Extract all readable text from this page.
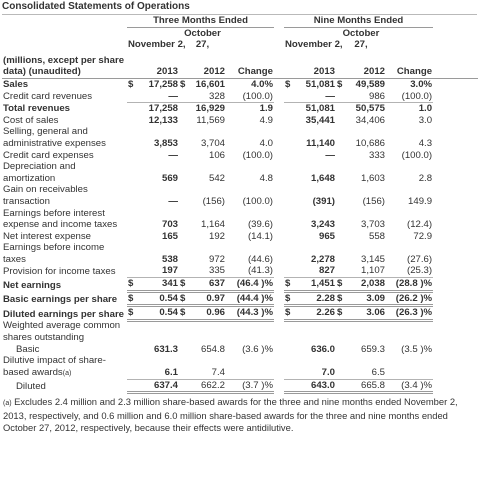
Consolidated Statements of Operations
	Three Months Ended						Nine Months Ended					
			October						October			
	November 2,		27,				November 2,		27,			
(millions, except per share data) (unaudited)	2013		2012		Change		2013		2012		Change	
Sales	$	17,258	$	16,601	4.0%		$	51,081	$	49,589	3.0%	
Credit card revenues		—		328	(100.0)			—		986	(100.0)	
Total revenues		17,258		16,929	1.9			51,081		50,575	1.0	
Cost of sales		12,133		11,569	4.9			35,441		34,406	3.0	
Selling, general and administrative expenses		3,853		3,704	4.0			11,140		10,686	4.3	
Credit card expenses		—		106	(100.0)			—		333	(100.0)	
Depreciation and amortization		569		542	4.8			1,648		1,603	2.8	
Gain on receivables transaction		—		(156)	(100.0)			(391)		(156)	149.9	
Earnings before interest expense and income taxes		703		1,164	(39.6)			3,243		3,703	(12.4)	
Net interest expense		165		192	(14.1)			965		558	72.9	
Earnings before income taxes		538		972	(44.6)			2,278		3,145	(27.6)	
Provision for income taxes		197		335	(41.3)			827		1,107	(25.3)	
Net earnings	$	341	$	637	(46.4 )%		$	1,451	$	2,038	(28.8 )%	
Basic earnings per share	$	0.54	$	0.97	(44.4 )%		$	2.28	$	3.09	(26.2 )%	
Diluted earnings per share	$	0.54	$	0.96	(44.3 )%		$	2.26	$	3.06	(26.3 )%	
Weighted average common shares outstanding												
Basic		631.3		654.8	(3.6 )%			636.0		659.3	(3.5 )%	
Dilutive impact of share-based awards(a)		6.1		7.4				7.0		6.5		
Diluted		637.4		662.2	(3.7 )%			643.0		665.8	(3.4 )%	
(a) Excludes 2.4 million and 2.3 million share-based awards for the three and nine months ended November 2, 2013, respectively, and 0.6 million and 6.0 million share-based awards for the three and nine months ended October 27, 2012, respectively, because their effects were antidilutive.
